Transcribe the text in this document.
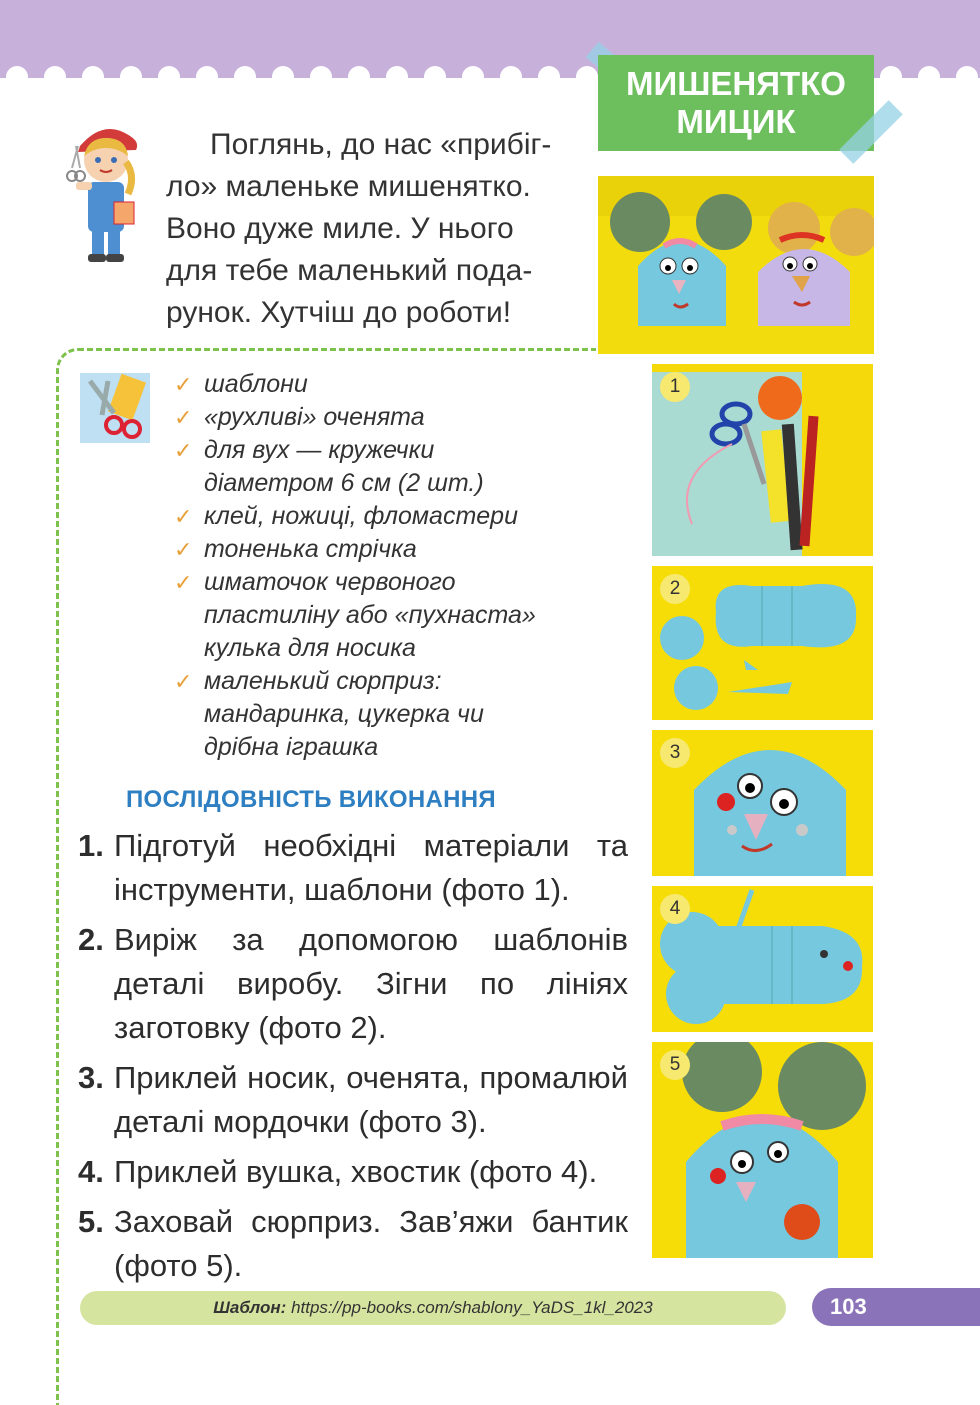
МИШЕНЯТКО
МИЦИК
Поглянь, до нас «прибіг-
ло» маленьке мишенятко.
Воно дуже миле. У нього
для тебе маленький пода-
рунок. Хутчіш до роботи!
✓ шаблони
✓ «рухливі» оченята
✓ для вух — кружечки діаметром 6 см (2 шт.)
✓ клей, ножиці, фломастери
✓ тоненька стрічка
✓ шматочок червоного пластиліну або «пухнаста» кулька для носика
✓ маленький сюрприз: мандаринка, цукерка чи дрібна іграшка
ПОСЛІДОВНІСТЬ ВИКОНАННЯ
1. Підготуй необхідні матеріали та інструменти, шаблони (фото 1).
2. Виріж за допомогою шаблонів деталі виробу. Зігни по лініях заготовку (фото 2).
3. Приклей носик, оченята, промалюй деталі мордочки (фото 3).
4. Приклей вушка, хвостик (фото 4).
5. Заховай сюрприз. Зав’яжи бантик (фото 5).
1
2
3
4
5
Шаблон: https://pp-books.com/shablony_YaDS_1kl_2023	103
